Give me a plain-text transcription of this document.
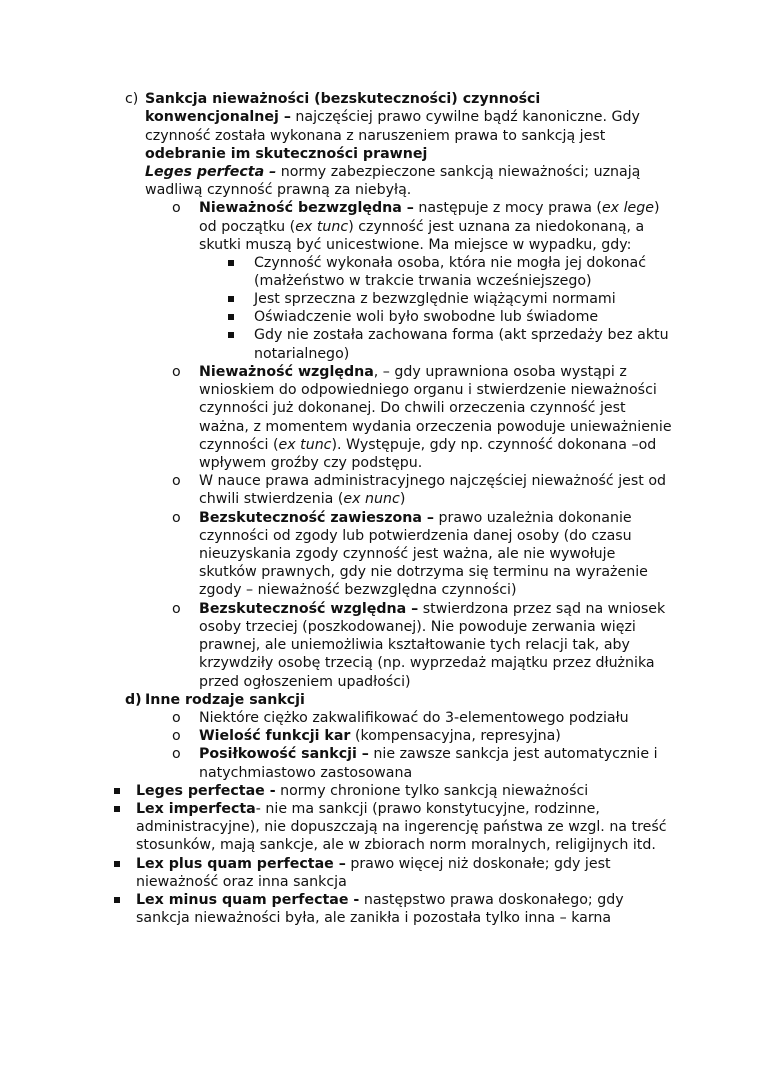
c) Sankcja nieważności (bezskuteczności) czynności
konwencjonalnej – najczęściej prawo cywilne bądź kanoniczne. Gdy
czynność została wykonana z naruszeniem prawa to sankcją jest
odebranie im skuteczności prawnej
Leges perfecta – normy zabezpieczone sankcją nieważności; uznają
wadliwą czynność prawną za niebyłą.
o Nieważność bezwzględna – następuje z mocy prawa (ex lege)
od początku (ex tunc) czynność jest uznana za niedokonaną, a
skutki muszą być unicestwione. Ma miejsce w wypadku, gdy:
Czynność wykonała osoba, która nie mogła jej dokonać
(małżeństwo w trakcie trwania wcześniejszego)
Jest sprzeczna z bezwzględnie wiążącymi normami
Oświadczenie woli było swobodne lub świadome
Gdy nie została zachowana forma (akt sprzedaży bez aktu
notarialnego)
o Nieważność względna, – gdy uprawniona osoba wystąpi z
wnioskiem do odpowiedniego organu i stwierdzenie nieważności
czynności już dokonanej. Do chwili orzeczenia czynność jest
ważna, z momentem wydania orzeczenia powoduje unieważnienie
czynności (ex tunc). Występuje, gdy np. czynność dokonana –od
wpływem groźby czy podstępu.
o W nauce prawa administracyjnego najczęściej nieważność jest od
chwili stwierdzenia (ex nunc)
o Bezskuteczność zawieszona – prawo uzależnia dokonanie
czynności od zgody lub potwierdzenia danej osoby (do czasu
nieuzyskania zgody czynność jest ważna, ale nie wywołuje
skutków prawnych, gdy nie dotrzyma się terminu na wyrażenie
zgody – nieważność bezwzględna czynności)
o Bezskuteczność względna – stwierdzona przez sąd na wniosek
osoby trzeciej (poszkodowanej). Nie powoduje zerwania więzi
prawnej, ale uniemożliwia kształtowanie tych relacji tak, aby
krzywdziły osobę trzecią (np. wyprzedaż majątku przez dłużnika
przed ogłoszeniem upadłości)
d) Inne rodzaje sankcji
o Niektóre ciężko zakwalifikować do 3-elementowego podziału
o Wielość funkcji kar (kompensacyjna, represyjna)
o Posiłkowość sankcji – nie zawsze sankcja jest automatycznie i
natychmiastowo zastosowana
Leges perfectae - normy chronione tylko sankcją nieważności
Lex imperfecta- nie ma sankcji (prawo konstytucyjne, rodzinne,
administracyjne), nie dopuszczają na ingerencję państwa ze wzgl. na treść
stosunków, mają sankcje, ale w zbiorach norm moralnych, religijnych itd.
Lex plus quam perfectae – prawo więcej niż doskonałe; gdy jest
nieważność oraz inna sankcja
Lex minus quam perfectae - następstwo prawa doskonałego; gdy
sankcja nieważności była, ale zanikła i pozostała tylko inna – karna
